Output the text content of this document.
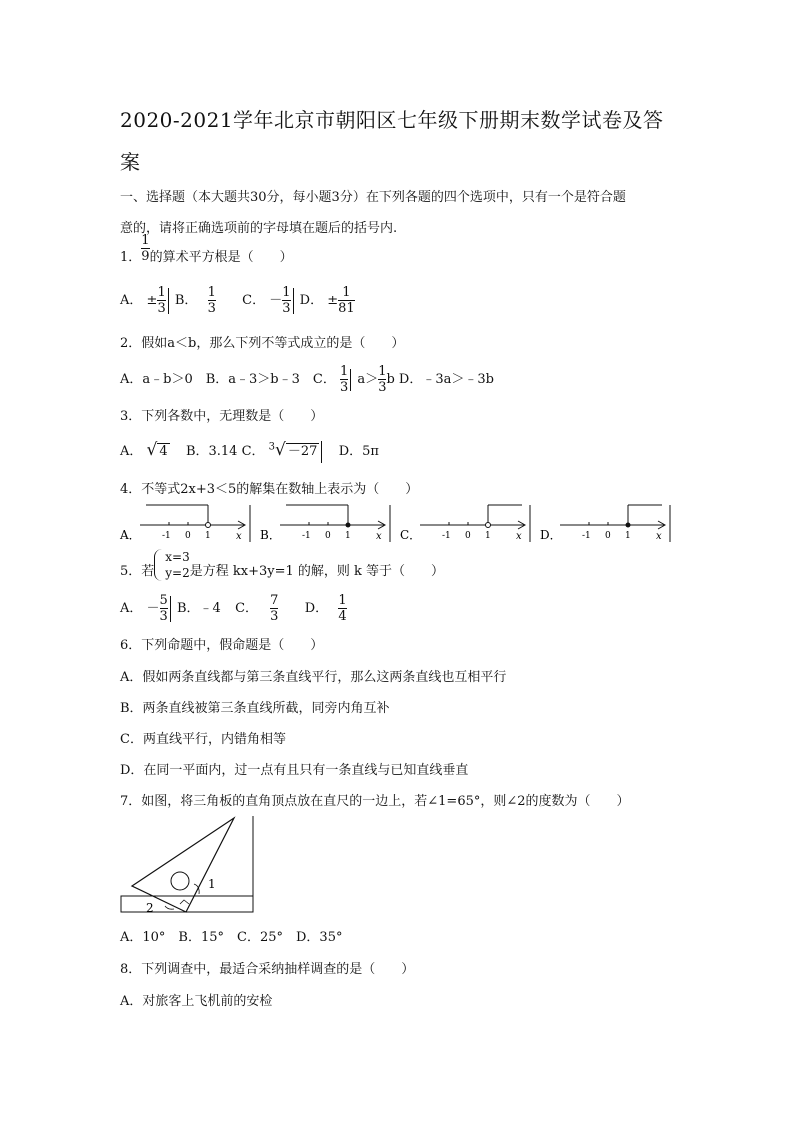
2020-2021学年北京市朝阳区七年级下册期末数学试卷及答
案
一、选择题（本大题共30分，每小题3分）在下列各题的四个选项中，只有一个是符合题
意的，请将正确选项前的字母填在题后的括号内.
1． $\frac{1}{9}$ 的算术平方根是（　　）
A． ± $\frac{1}{3}$ B． $\frac{1}{3}$ C． － $\frac{1}{3}$ D． ± $\frac{1}{81}$
2．假如a＜b，那么下列不等式成立的是（　　）
A．a﹣b＞0　B．a﹣3＞b﹣3　C． $\frac{1}{3} a> \frac{1}{3}$ b D．﹣3a＞﹣3b
3．下列各数中，无理数是（　　）
A． √ 4 B．3.14 C． $^3$√ －27 D．5π
4．不等式2x+3＜5的解集在数轴上表示为（　　）
A． -1 0 1	x B． -1 0 1	x C． -1 0 1	x D． -1 0 1	x
5．若
x=3
y=2 是方程 kx+3y=1 的解，则 k 等于（　　）
A． － $\frac{5}{3}$ B．﹣4 C． $\frac{7}{3}$ D． $\frac{1}{4}$
6．下列命题中，假命题是（　　）
A．假如两条直线都与第三条直线平行，那么这两条直线也互相平行
B．两条直线被第三条直线所截，同旁内角互补
C．两直线平行，内错角相等
D．在同一平面内，过一点有且只有一条直线与已知直线垂直
7．如图，将三角板的直角顶点放在直尺的一边上，若∠1=65°，则∠2的度数为（　　）
1
2
A．10°　B．15°　C．25°　D．35°
8．下列调查中，最适合采纳抽样调查的是（　　）
A．对旅客上飞机前的安检
